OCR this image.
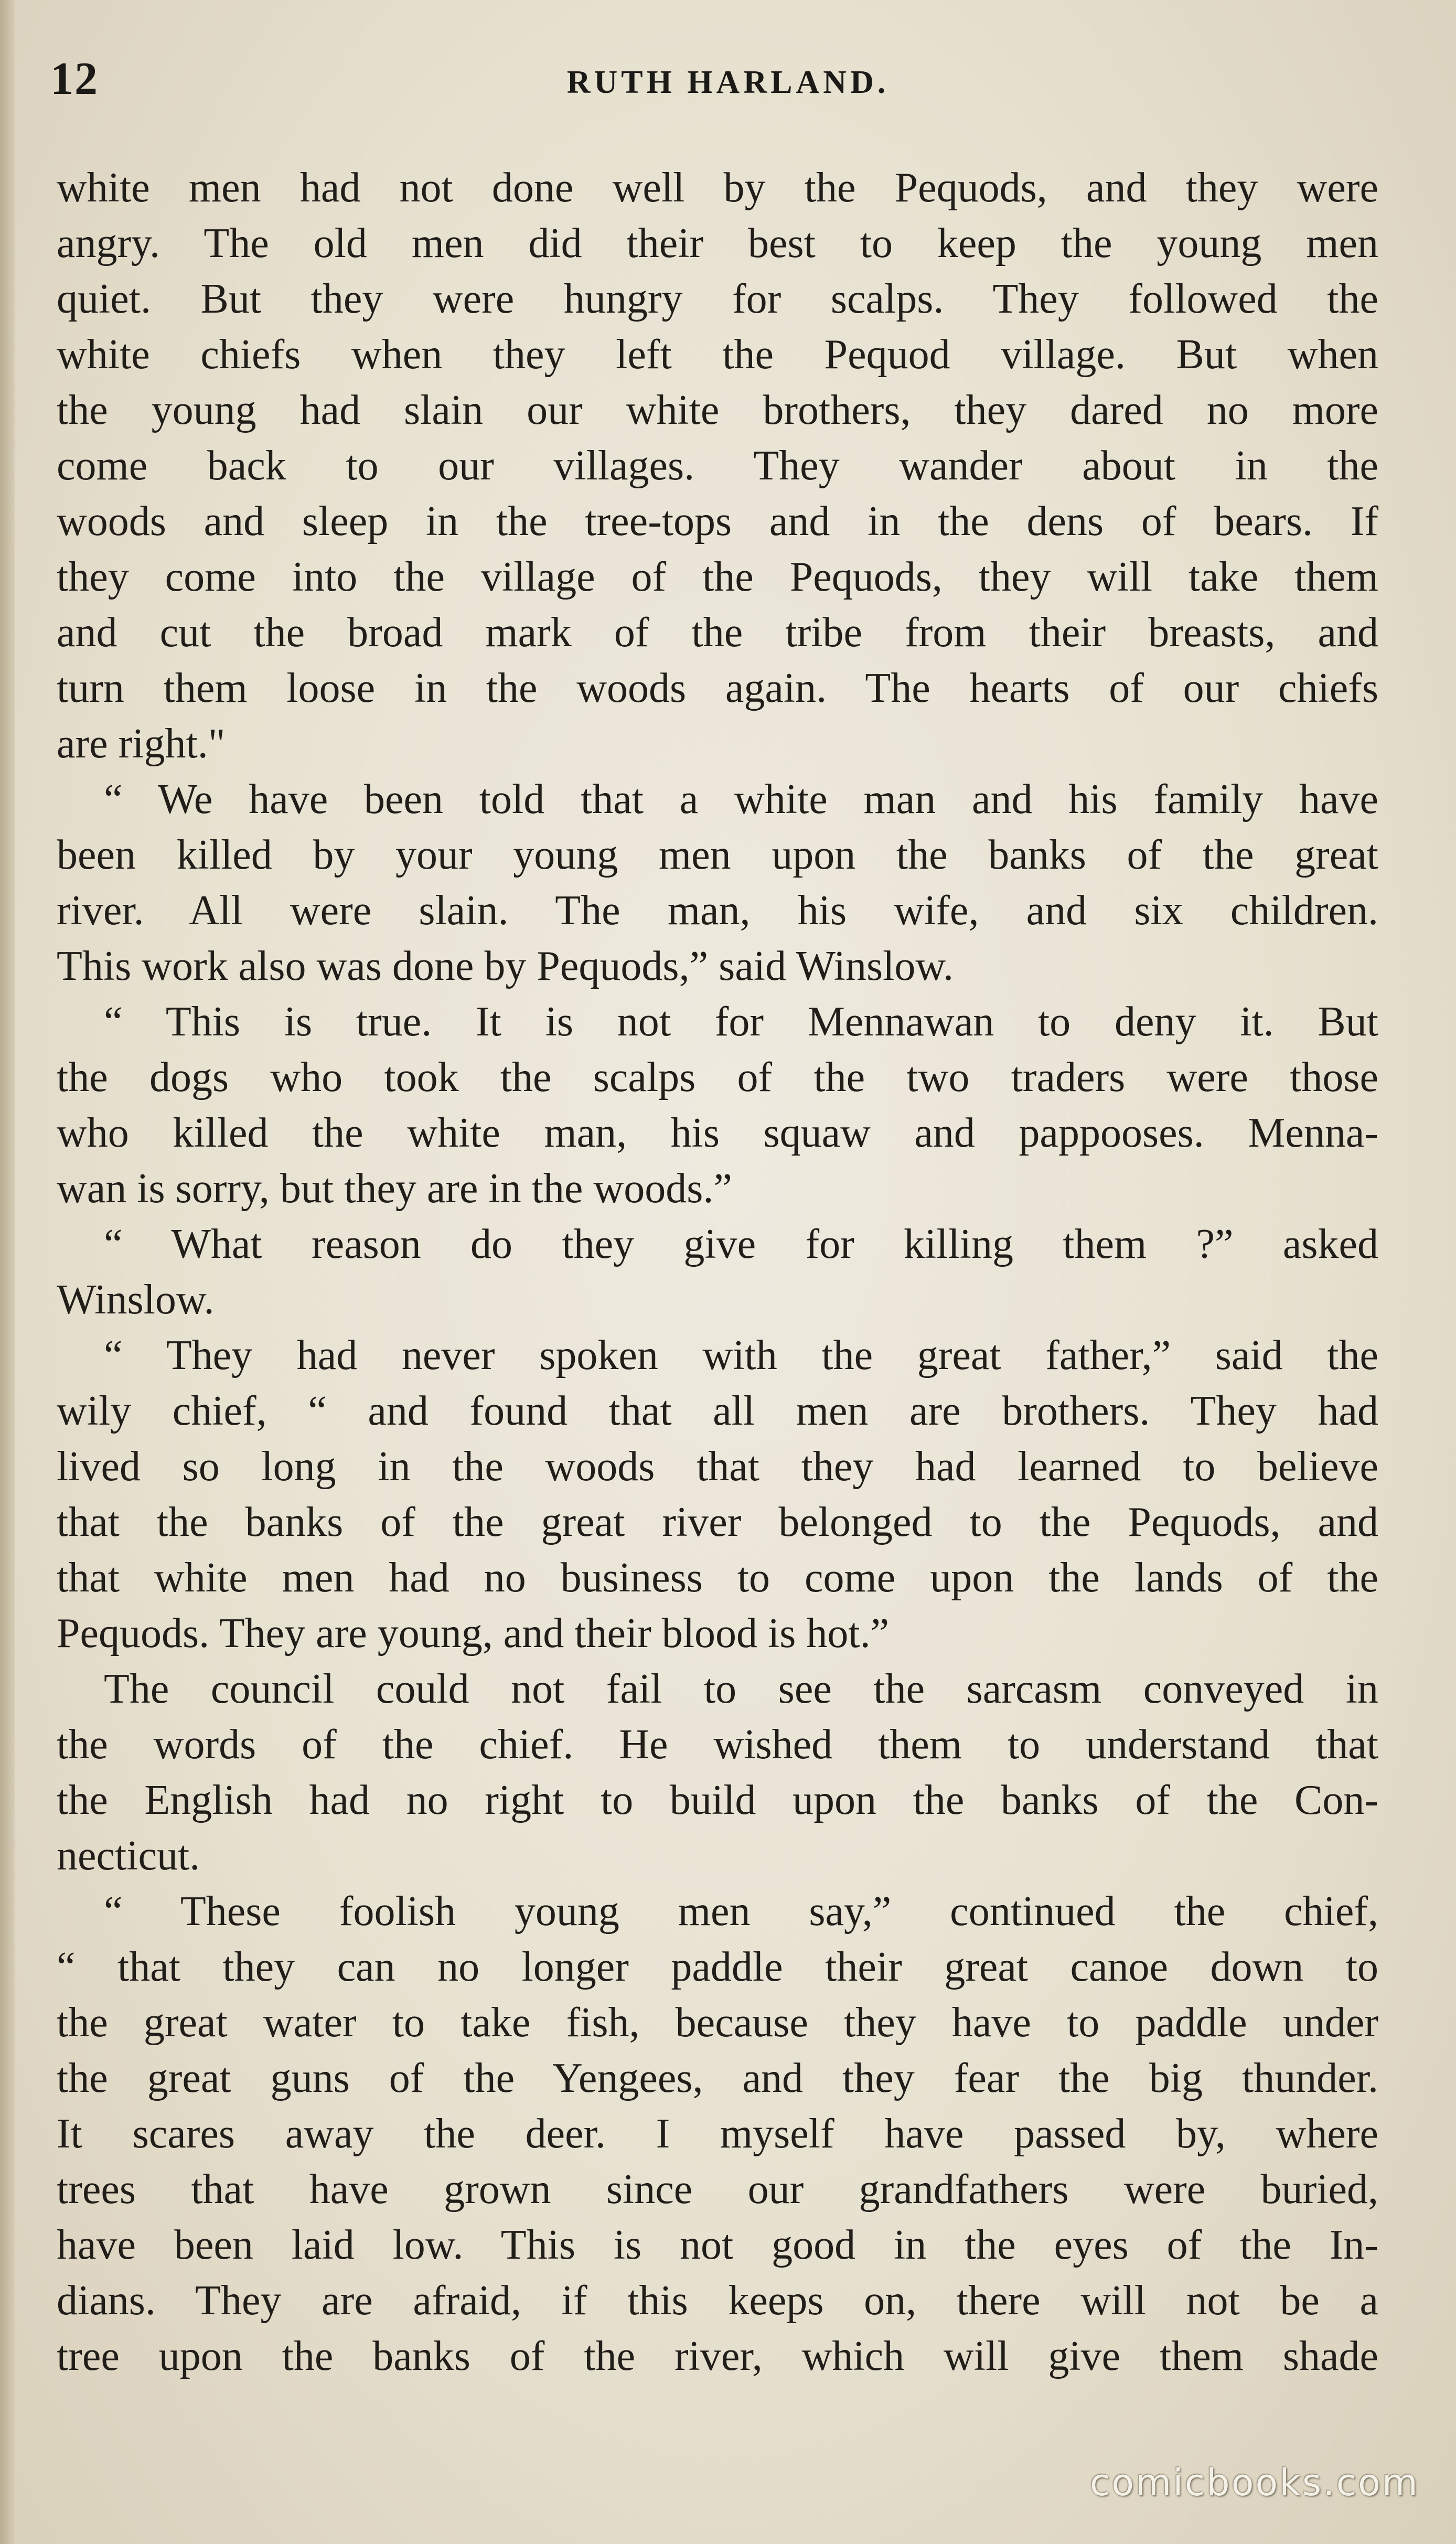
12	RUTH HARLAND.
white men had not done well by the Pequods, and they were
angry. The old men did their best to keep the young men
quiet. But they were hungry for scalps. They followed the
white chiefs when they left the Pequod village. But when
the young had slain our white brothers, they dared no more
come back to our villages. They wander about in the
woods and sleep in the tree-tops and in the dens of bears. If
they come into the village of the Pequods, they will take them
and cut the broad mark of the tribe from their breasts, and
turn them loose in the woods again. The hearts of our chiefs
are right."
“ We have been told that a white man and his family have
been killed by your young men upon the banks of the great
river. All were slain. The man, his wife, and six children.
This work also was done by Pequods,” said Winslow.
“ This is true. It is not for Mennawan to deny it. But
the dogs who took the scalps of the two traders were those
who killed the white man, his squaw and pappooses. Menna-
wan is sorry, but they are in the woods.”
“ What reason do they give for killing them ?” asked
Winslow.
“ They had never spoken with the great father,” said the
wily chief, “ and found that all men are brothers. They had
lived so long in the woods that they had learned to believe
that the banks of the great river belonged to the Pequods, and
that white men had no business to come upon the lands of the
Pequods. They are young, and their blood is hot.”
The council could not fail to see the sarcasm conveyed in
the words of the chief. He wished them to understand that
the English had no right to build upon the banks of the Con-
necticut.
“ These foolish young men say,” continued the chief,
“ that they can no longer paddle their great canoe down to
the great water to take fish, because they have to paddle under
the great guns of the Yengees, and they fear the big thunder.
It scares away the deer. I myself have passed by, where
trees that have grown since our grandfathers were buried,
have been laid low. This is not good in the eyes of the In-
dians. They are afraid, if this keeps on, there will not be a
tree upon the banks of the river, which will give them shade
comicbooks.com
